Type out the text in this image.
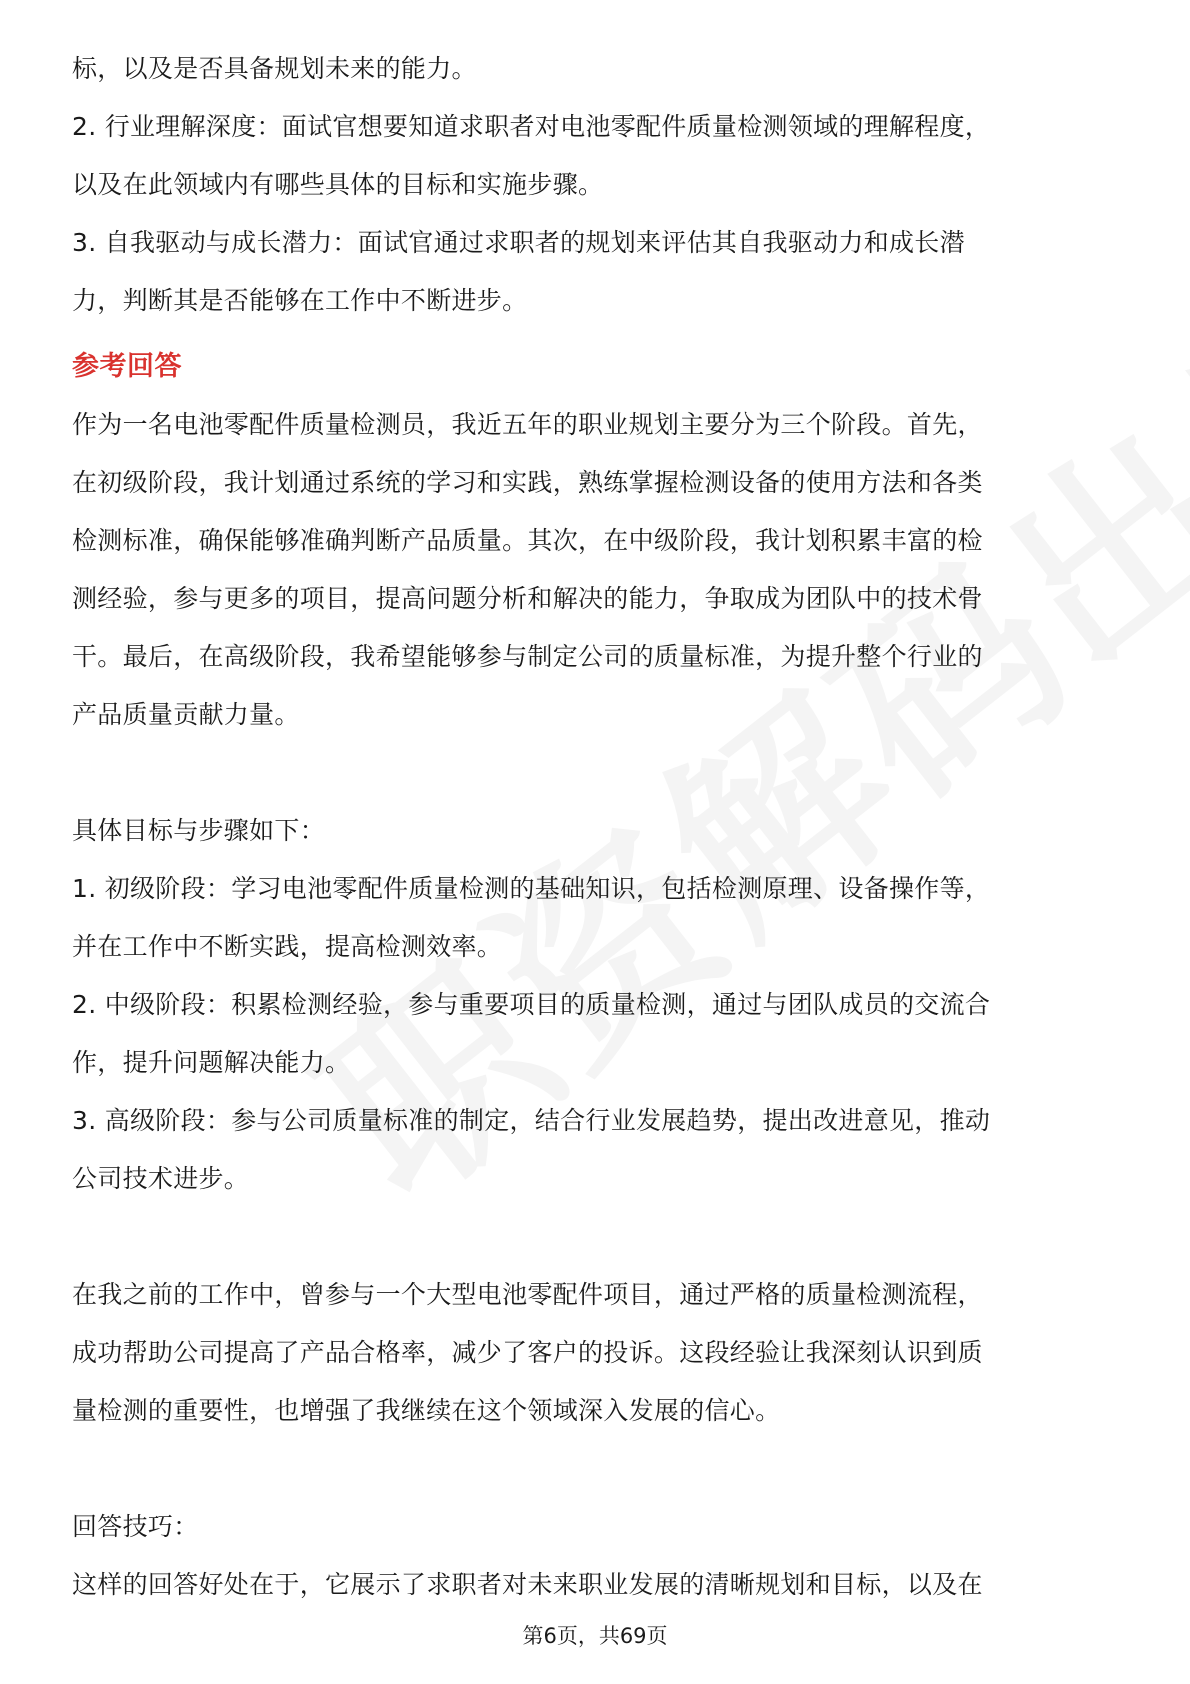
标，以及是否具备规划未来的能力。

2. 行业理解深度：面试官想要知道求职者对电池零配件质量检测领域的理解程度，

以及在此领域内有哪些具体的目标和实施步骤。

3. 自我驱动与成长潜力：面试官通过求职者的规划来评估其自我驱动力和成长潜

力，判断其是否能够在工作中不断进步。

参考回答

作为一名电池零配件质量检测员，我近五年的职业规划主要分为三个阶段。首先，

在初级阶段，我计划通过系统的学习和实践，熟练掌握检测设备的使用方法和各类

检测标准，确保能够准确判断产品质量。其次，在中级阶段，我计划积累丰富的检

测经验，参与更多的项目，提高问题分析和解决的能力，争取成为团队中的技术骨

干。最后，在高级阶段，我希望能够参与制定公司的质量标准，为提升整个行业的

产品质量贡献力量。

具体目标与步骤如下：

1. 初级阶段：学习电池零配件质量检测的基础知识，包括检测原理、设备操作等，

并在工作中不断实践，提高检测效率。

2. 中级阶段：积累检测经验，参与重要项目的质量检测，通过与团队成员的交流合

作，提升问题解决能力。

3. 高级阶段：参与公司质量标准的制定，结合行业发展趋势，提出改进意见，推动

公司技术进步。

在我之前的工作中，曾参与一个大型电池零配件项目，通过严格的质量检测流程，

成功帮助公司提高了产品合格率，减少了客户的投诉。这段经验让我深刻认识到质

量检测的重要性，也增强了我继续在这个领域深入发展的信心。

回答技巧：

这样的回答好处在于，它展示了求职者对未来职业发展的清晰规划和目标，以及在

第6页，共69页
